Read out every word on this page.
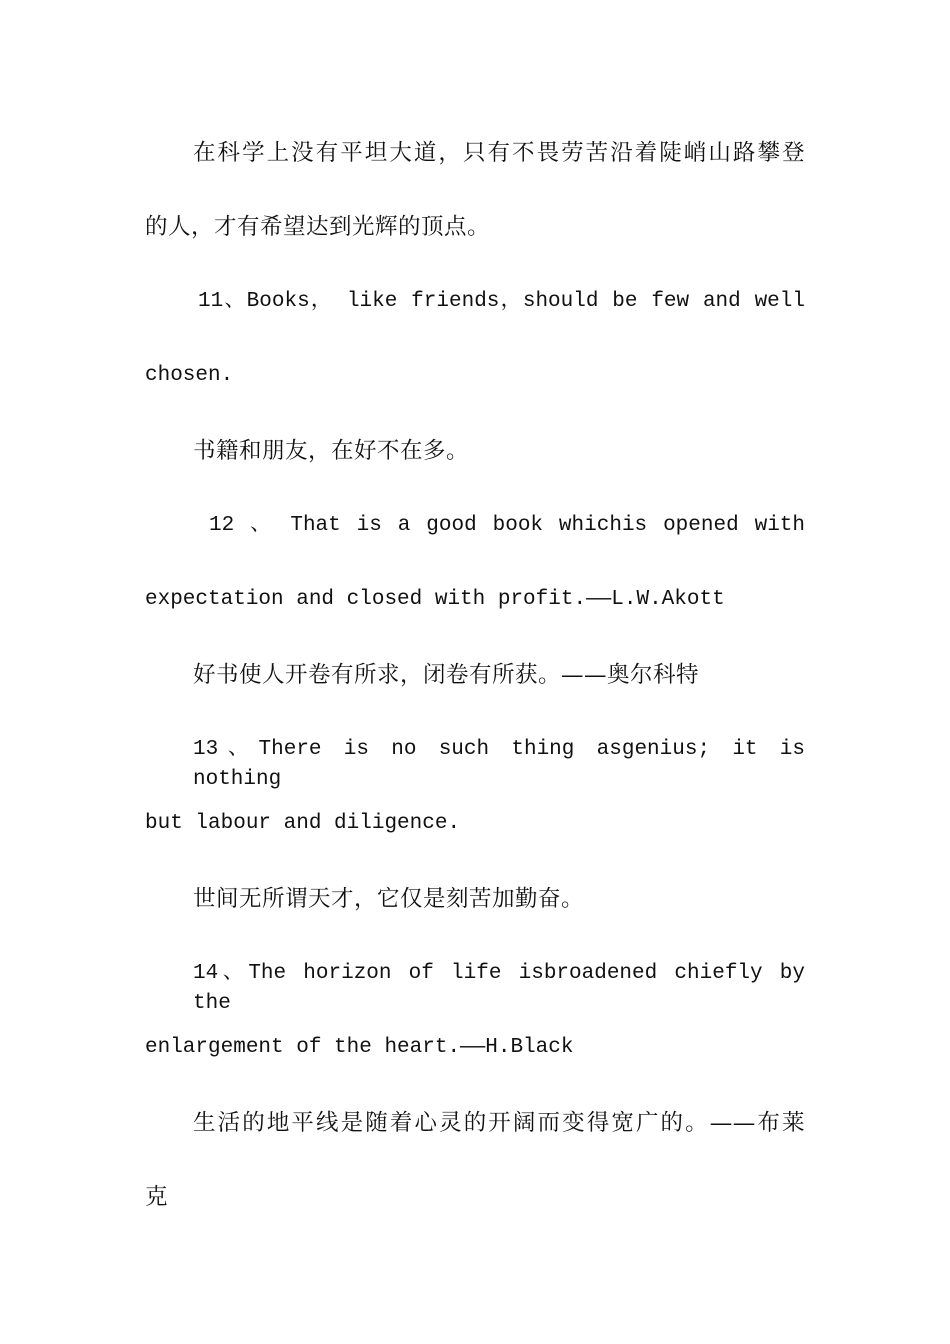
在科学上没有平坦大道，只有不畏劳苦沿着陡峭山路攀登
的人，才有希望达到光辉的顶点。
11、Books， like friends，should be few and well
chosen.
书籍和朋友，在好不在多。
12 、 That is a good book whichis opened with
expectation and closed with profit.——L.W.Akott
好书使人开卷有所求，闭卷有所获。——奥尔科特
13、There is no such thing asgenius; it is nothing
but labour and diligence.
世间无所谓天才，它仅是刻苦加勤奋。
14、The horizon of life isbroadened chiefly by the
enlargement of the heart.——H.Black
生活的地平线是随着心灵的开阔而变得宽广的。——布莱
克
